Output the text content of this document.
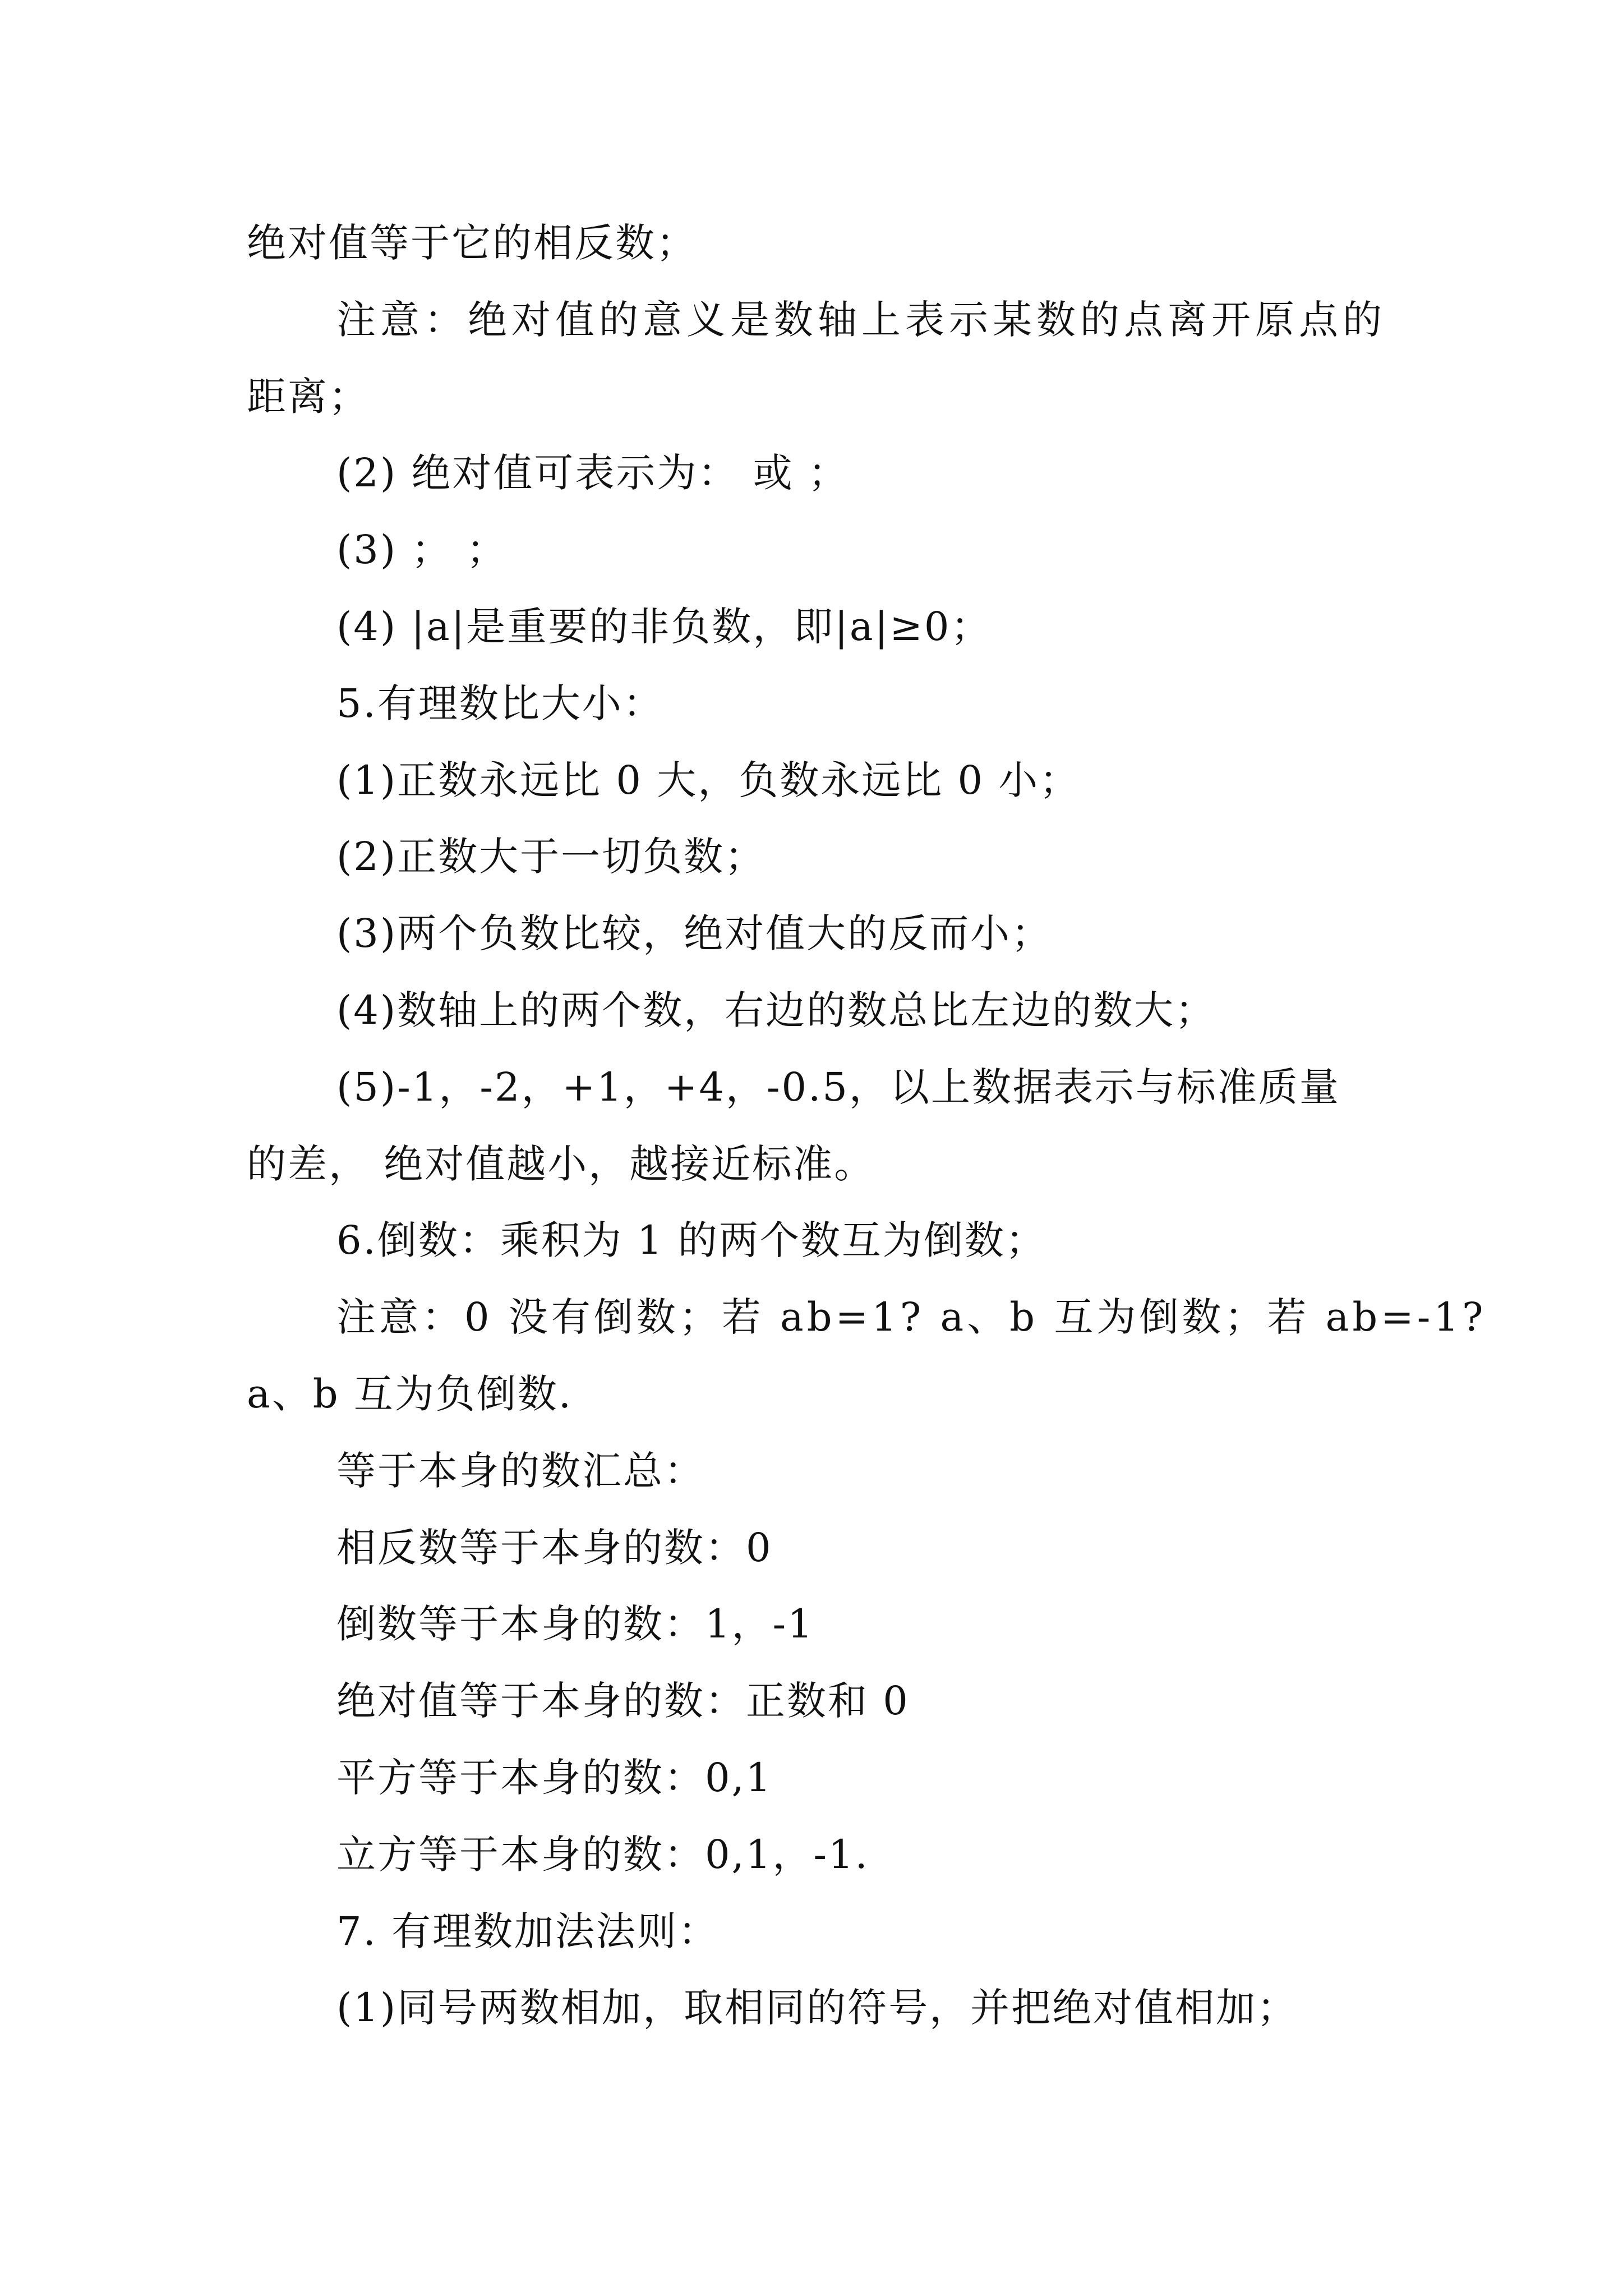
绝对值等于它的相反数；
注意：绝对值的意义是数轴上表示某数的点离开原点的
距离；
(2) 绝对值可表示为： 或 ；
(3) ； ；
(4) |a|是重要的非负数，即|a|≥0；
5.有理数比大小：
(1)正数永远比 0 大，负数永远比 0 小；
(2)正数大于一切负数；
(3)两个负数比较，绝对值大的反而小；
(4)数轴上的两个数，右边的数总比左边的数大；
(5)-1，-2，+1，+4，-0.5，以上数据表示与标准质量
的差， 绝对值越小，越接近标准。
6.倒数：乘积为 1 的两个数互为倒数；
注意：0 没有倒数；若 ab=1? a、b 互为倒数；若 ab=-1?
a、b 互为负倒数.
等于本身的数汇总：
相反数等于本身的数：0
倒数等于本身的数：1，-1
绝对值等于本身的数：正数和 0
平方等于本身的数：0,1
立方等于本身的数：0,1，-1.
7. 有理数加法法则：
(1)同号两数相加，取相同的符号，并把绝对值相加；
